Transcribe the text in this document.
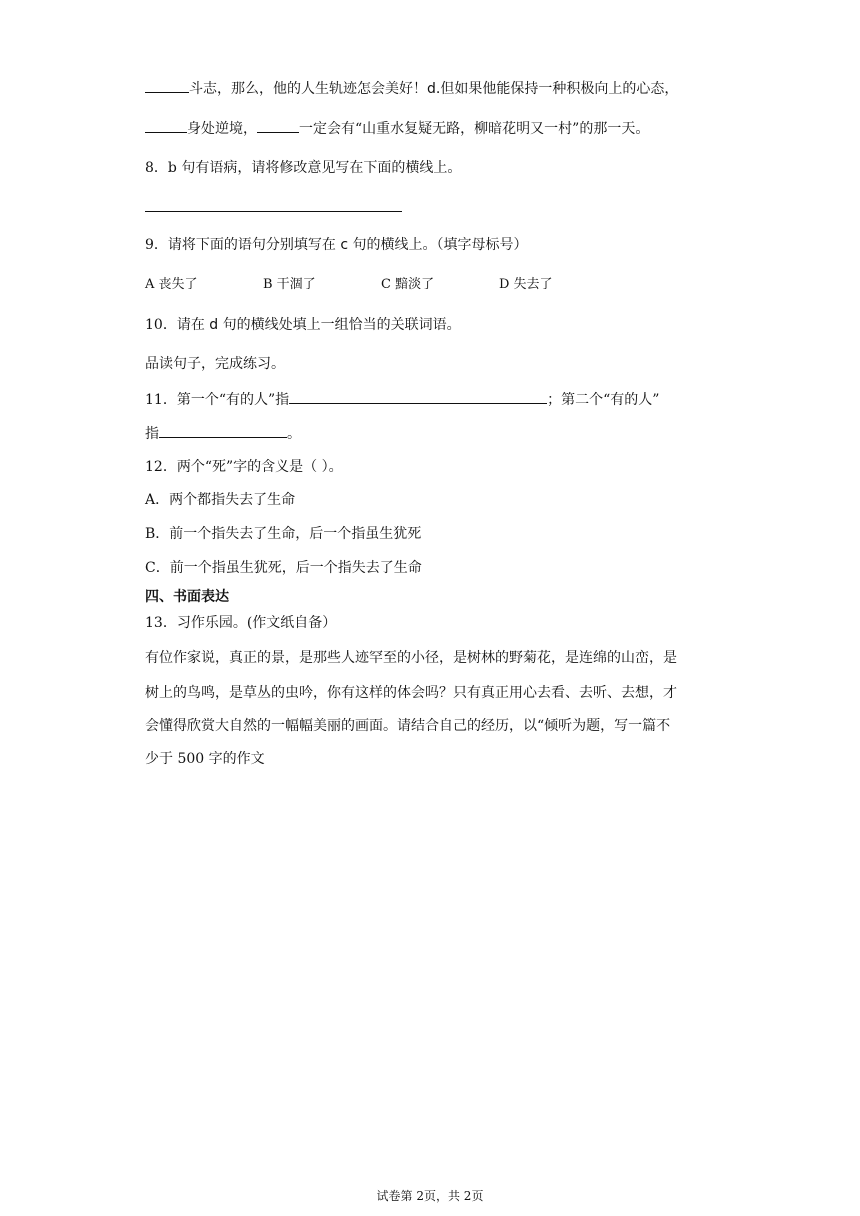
斗志，那么，他的人生轨迹怎会美好！d.但如果他能保持一种积极向上的心态，
身处逆境，	一定会有“山重水复疑无路，柳暗花明又一村”的那一天。
8．b 句有语病，请将修改意见写在下面的横线上。
9．请将下面的语句分别填写在 c 句的横线上。（填字母标号）
A 丧失了	B 干涸了	C 黯淡了	D 失去了
10．请在 d 句的横线处填上一组恰当的关联词语。
品读句子，完成练习。
11．第一个“有的人”指	；第二个“有的人”
指	。
12．两个“死”字的含义是（ ）。
A．两个都指失去了生命
B．前一个指失去了生命，后一个指虽生犹死
C．前一个指虽生犹死，后一个指失去了生命
四、书面表达
13．习作乐园。(作文纸自备）
有位作家说，真正的景，是那些人迹罕至的小径，是树林的野菊花，是连绵的山峦，是
树上的鸟鸣，是草丛的虫吟，你有这样的体会吗？只有真正用心去看、去听、去想，才
会懂得欣赏大自然的一幅幅美丽的画面。请结合自己的经历，以“倾听为题，写一篇不
少于 500 字的作文
试卷第 2页，共 2页
